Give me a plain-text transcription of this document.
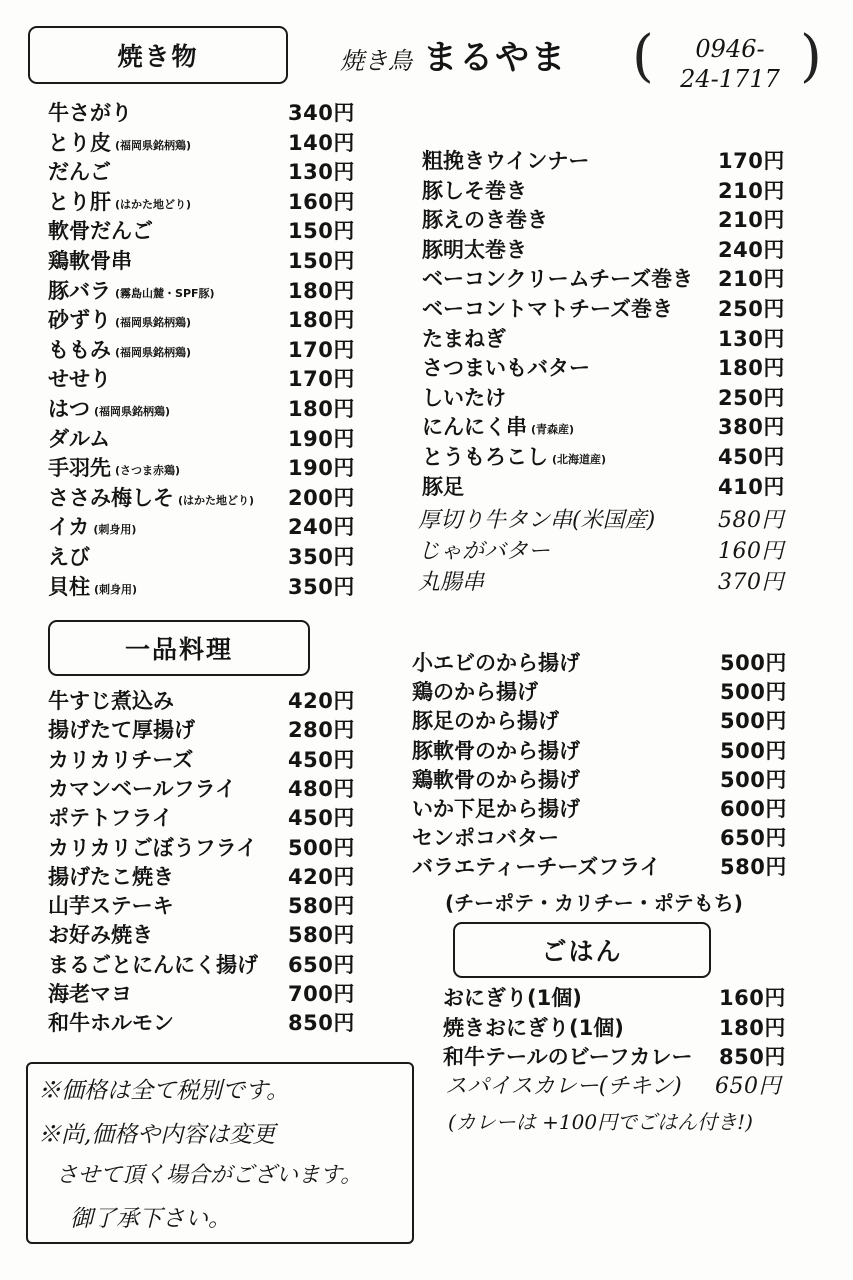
焼き物	焼き鳥 まるやま (	0946-
24-1717 )
牛さがり	340円
とり皮 (福岡県銘柄鶏)	140円
だんご	130円
とり肝 (はかた地どり)	160円
軟骨だんご	150円
鶏軟骨串	150円
豚バラ (霧島山麓・SPF豚)	180円
砂ずり (福岡県銘柄鶏)	180円
ももみ (福岡県銘柄鶏)	170円
せせり	170円
はつ (福岡県銘柄鶏)	180円
ダルム	190円
手羽先 (さつま赤鶏)	190円
ささみ梅しそ (はかた地どり) 200円
イカ (刺身用)	240円
えび	350円
貝柱 (刺身用)	350円
粗挽きウインナー	170円
豚しそ巻き	210円
豚えのき巻き	210円
豚明太巻き	240円
ベーコンクリームチーズ巻き 210円
ベーコントマトチーズ巻き 250円
たまねぎ	130円
さつまいもバター	180円
しいたけ	250円
にんにく串 (青森産)	380円
とうもろこし (北海道産)	450円
豚足	410円
厚切り牛タン串(米国産)	580円
じゃがバター	160円
丸腸串	370円
一品料理
牛すじ煮込み	420円
揚げたて厚揚げ	280円
カリカリチーズ	450円
カマンベールフライ 480円
ポテトフライ	450円
カリカリごぼうフライ 500円
揚げたこ焼き	420円
山芋ステーキ	580円
お好み焼き	580円
まるごとにんにく揚げ 650円
海老マヨ	700円
和牛ホルモン	850円
小エビのから揚げ	500円
鶏のから揚げ	500円
豚足のから揚げ	500円
豚軟骨のから揚げ	500円
鶏軟骨のから揚げ	500円
いか下足から揚げ	600円
センポコバター	650円
バラエティーチーズフライ	580円
(チーポテ・カリチー・ポテもち)
ごはん
おにぎり(1個)	160円
焼きおにぎり(1個)	180円
和牛テールのビーフカレー 850円
スパイスカレー(チキン) 650円
(カレーは +100円でごはん付き!)
※価格は全て税別です。
※尚,価格や内容は変更
させて頂く場合がございます。
御了承下さい。
